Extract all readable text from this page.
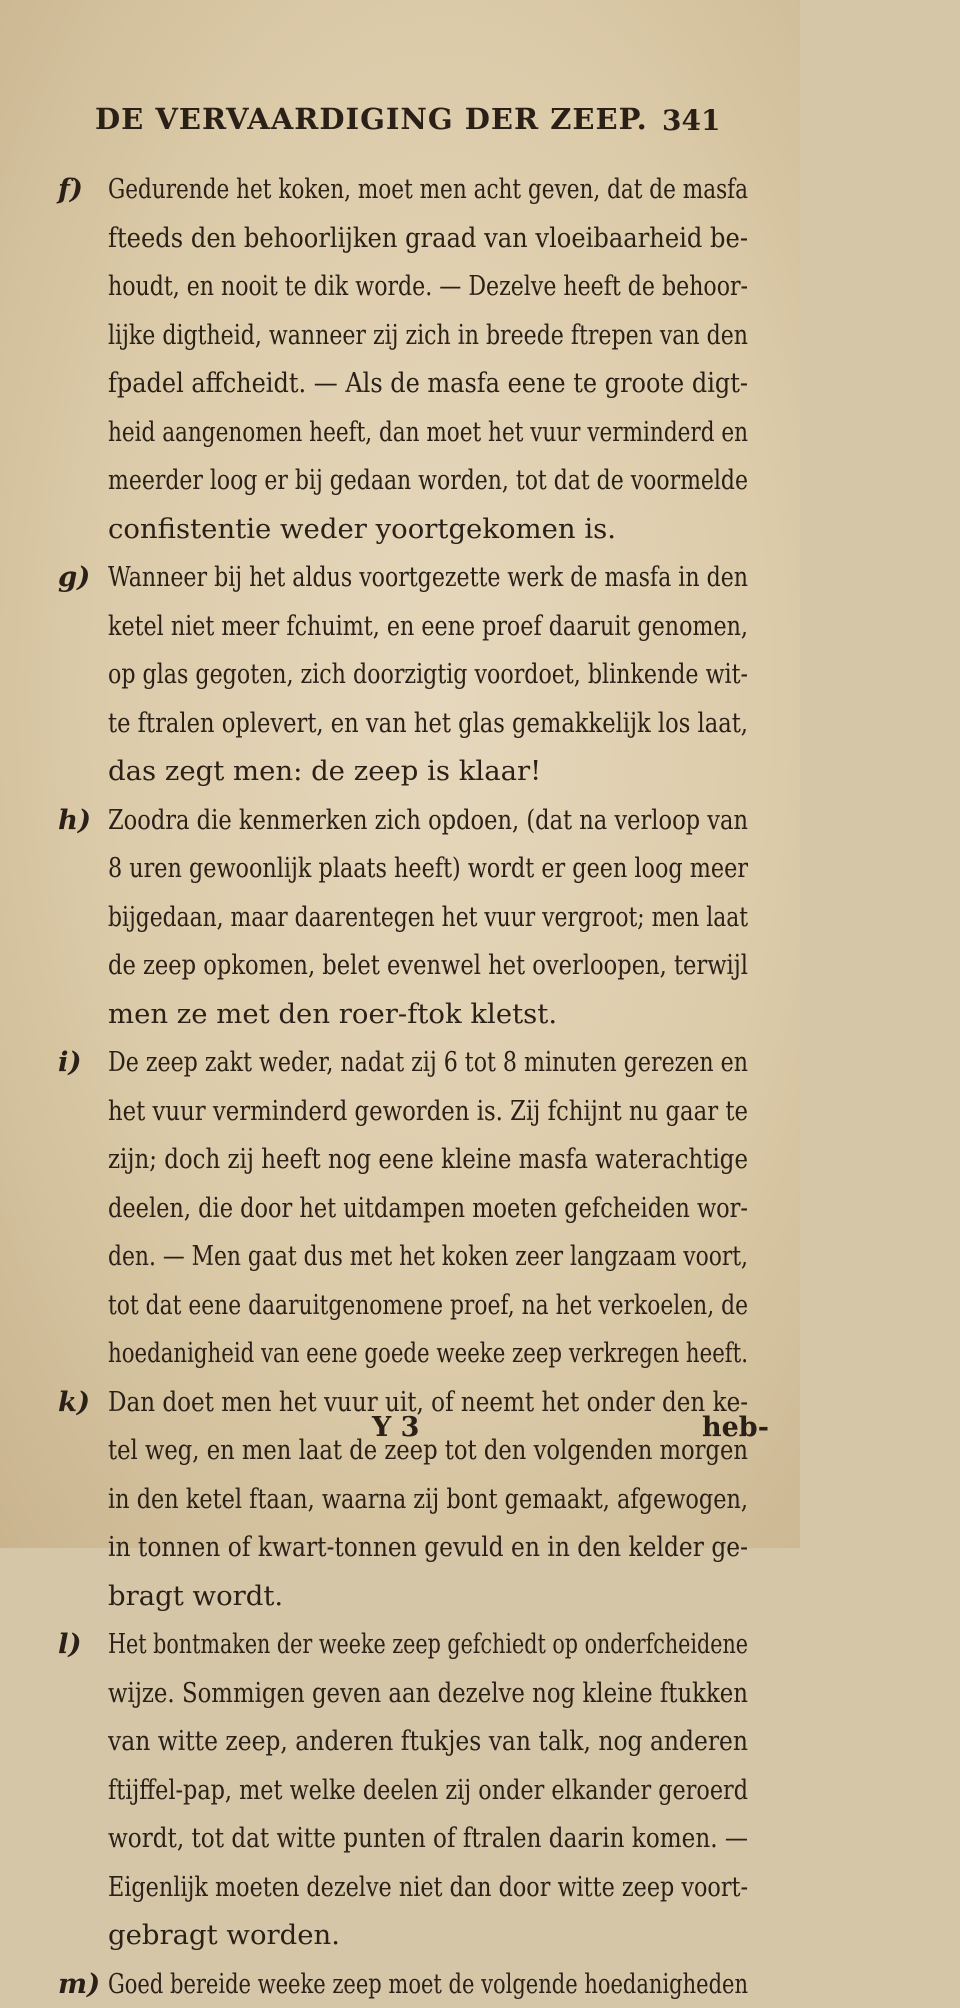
DE VERVAARDIGING DER ZEEP. 341
f) Gedurende het koken, moet men acht geven, dat de masfa
fteeds den behoorlijken graad van vloeibaarheid be-
houdt, en nooit te dik worde. — Dezelve heeft de behoor-
lijke digtheid, wanneer zij zich in breede ftrepen van den
fpadel affcheidt. — Als de masfa eene te groote digt-
heid aangenomen heeft, dan moet het vuur verminderd en
meerder loog er bij gedaan worden, tot dat de voormelde
confistentie weder yoortgekomen is.
g) Wanneer bij het aldus voortgezette werk de masfa in den
ketel niet meer fchuimt, en eene proef daaruit genomen,
op glas gegoten, zich doorzigtig voordoet, blinkende wit-
te ftralen oplevert, en van het glas gemakkelijk los laat,
das zegt men: de zeep is klaar!
h) Zoodra die kenmerken zich opdoen, (dat na verloop van
8 uren gewoonlijk plaats heeft) wordt er geen loog meer
bijgedaan, maar daarentegen het vuur vergroot; men laat
de zeep opkomen, belet evenwel het overloopen, terwijl
men ze met den roer-ftok kletst.
i) De zeep zakt weder, nadat zij 6 tot 8 minuten gerezen en
het vuur verminderd geworden is. Zij fchijnt nu gaar te
zijn; doch zij heeft nog eene kleine masfa waterachtige
deelen, die door het uitdampen moeten gefcheiden wor-
den. — Men gaat dus met het koken zeer langzaam voort,
tot dat eene daaruitgenomene proef, na het verkoelen, de
hoedanigheid van eene goede weeke zeep verkregen heeft.
k) Dan doet men het vuur uit, of neemt het onder den ke-
tel weg, en men laat de zeep tot den volgenden morgen
in den ketel ftaan, waarna zij bont gemaakt, afgewogen,
in tonnen of kwart-tonnen gevuld en in den kelder ge-
bragt wordt.
l) Het bontmaken der weeke zeep gefchiedt op onderfcheidene
wijze. Sommigen geven aan dezelve nog kleine ftukken
van witte zeep, anderen ftukjes van talk, nog anderen
ftijffel-pap, met welke deelen zij onder elkander geroerd
wordt, tot dat witte punten of ftralen daarin komen. —
Eigenlijk moeten dezelve niet dan door witte zeep voort-
gebragt worden.
m) Goed bereide weeke zeep moet de volgende hoedanigheden
Y 3	heb-
